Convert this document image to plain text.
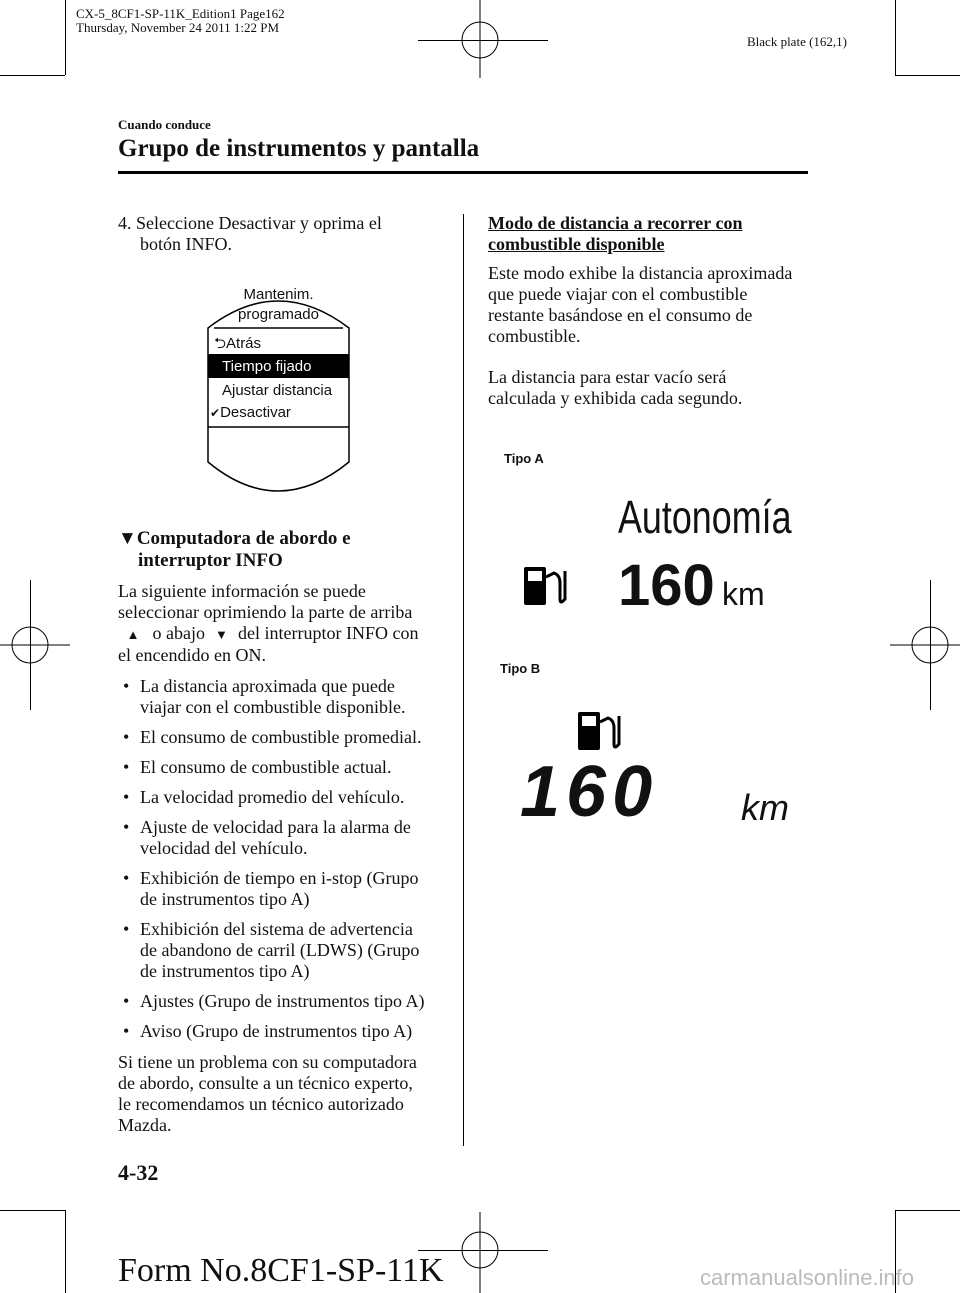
CX-5_8CF1-SP-11K_Edition1 Page162
Thursday, November 24 2011 1:22 PM
Black plate (162,1)
Cuando conduce
Grupo de instrumentos y pantalla
4. Seleccione Desactivar y oprima el
botón INFO.
Mantenim.
programado
⮌Atrás
Tiempo fijado
Ajustar distancia
✔Desactivar
▼Computadora de abordo e
interruptor INFO
La siguiente información se puede
seleccionar oprimiendo la parte de arriba
▲ o abajo ▼ del interruptor INFO con
el encendido en ON.
• La distancia aproximada que puede
viajar con el combustible disponible.
• El consumo de combustible promedial.
• El consumo de combustible actual.
• La velocidad promedio del vehículo.
• Ajuste de velocidad para la alarma de
velocidad del vehículo.
• Exhibición de tiempo en i-stop (Grupo
de instrumentos tipo A)
• Exhibición del sistema de advertencia
de abandono de carril (LDWS) (Grupo
de instrumentos tipo A)
• Ajustes (Grupo de instrumentos tipo A)
• Aviso (Grupo de instrumentos tipo A)
Si tiene un problema con su computadora
de abordo, consulte a un técnico experto,
le recomendamos un técnico autorizado
Mazda.
Modo de distancia a recorrer con
combustible disponible
Este modo exhibe la distancia aproximada
que puede viajar con el combustible
restante basándose en el consumo de
combustible.
La distancia para estar vacío será
calculada y exhibida cada segundo.
Tipo A
Autonomía
160 km
Tipo B
160 km
4-32
Form No.8CF1-SP-11K	carmanualsonline.info
